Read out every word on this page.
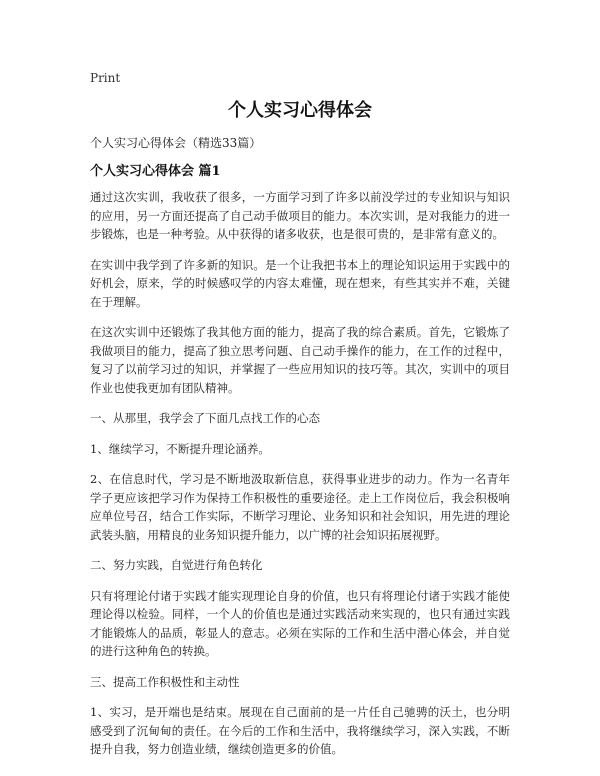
Print
个人实习心得体会
个人实习心得体会（精选33篇）
个人实习心得体会 篇1

通过这次实训，我收获了很多，一方面学习到了许多以前没学过的专业知识与知识的应用，另一方面还提高了自己动手做项目的能力。本次实训，是对我能力的进一步锻炼，也是一种考验。从中获得的诸多收获，也是很可贵的，是非常有意义的。

在实训中我学到了许多新的知识。是一个让我把书本上的理论知识运用于实践中的好机会，原来，学的时候感叹学的内容太难懂，现在想来，有些其实并不难，关键在于理解。

在这次实训中还锻炼了我其他方面的能力，提高了我的综合素质。首先，它锻炼了我做项目的能力，提高了独立思考问题、自己动手操作的能力，在工作的过程中，复习了以前学习过的知识，并掌握了一些应用知识的技巧等。其次，实训中的项目作业也使我更加有团队精神。

一、从那里，我学会了下面几点找工作的心态

1、继续学习，不断提升理论涵养。

2、在信息时代，学习是不断地汲取新信息，获得事业进步的动力。作为一名青年学子更应该把学习作为保持工作积极性的重要途径。走上工作岗位后，我会积极响应单位号召，结合工作实际，不断学习理论、业务知识和社会知识，用先进的理论武装头脑，用精良的业务知识提升能力，以广博的社会知识拓展视野。

二、努力实践，自觉进行角色转化

只有将理论付诸于实践才能实现理论自身的价值，也只有将理论付诸于实践才能使理论得以检验。同样，一个人的价值也是通过实践活动来实现的，也只有通过实践才能锻炼人的品质，彰显人的意志。必须在实际的工作和生活中潜心体会，并自觉的进行这种角色的转换。

三、提高工作积极性和主动性

1、实习，是开端也是结束。展现在自己面前的是一片任自己驰骋的沃土，也分明感受到了沉甸甸的责任。在今后的工作和生活中，我将继续学习，深入实践，不断提升自我，努力创造业绩，继续创造更多的价值。
